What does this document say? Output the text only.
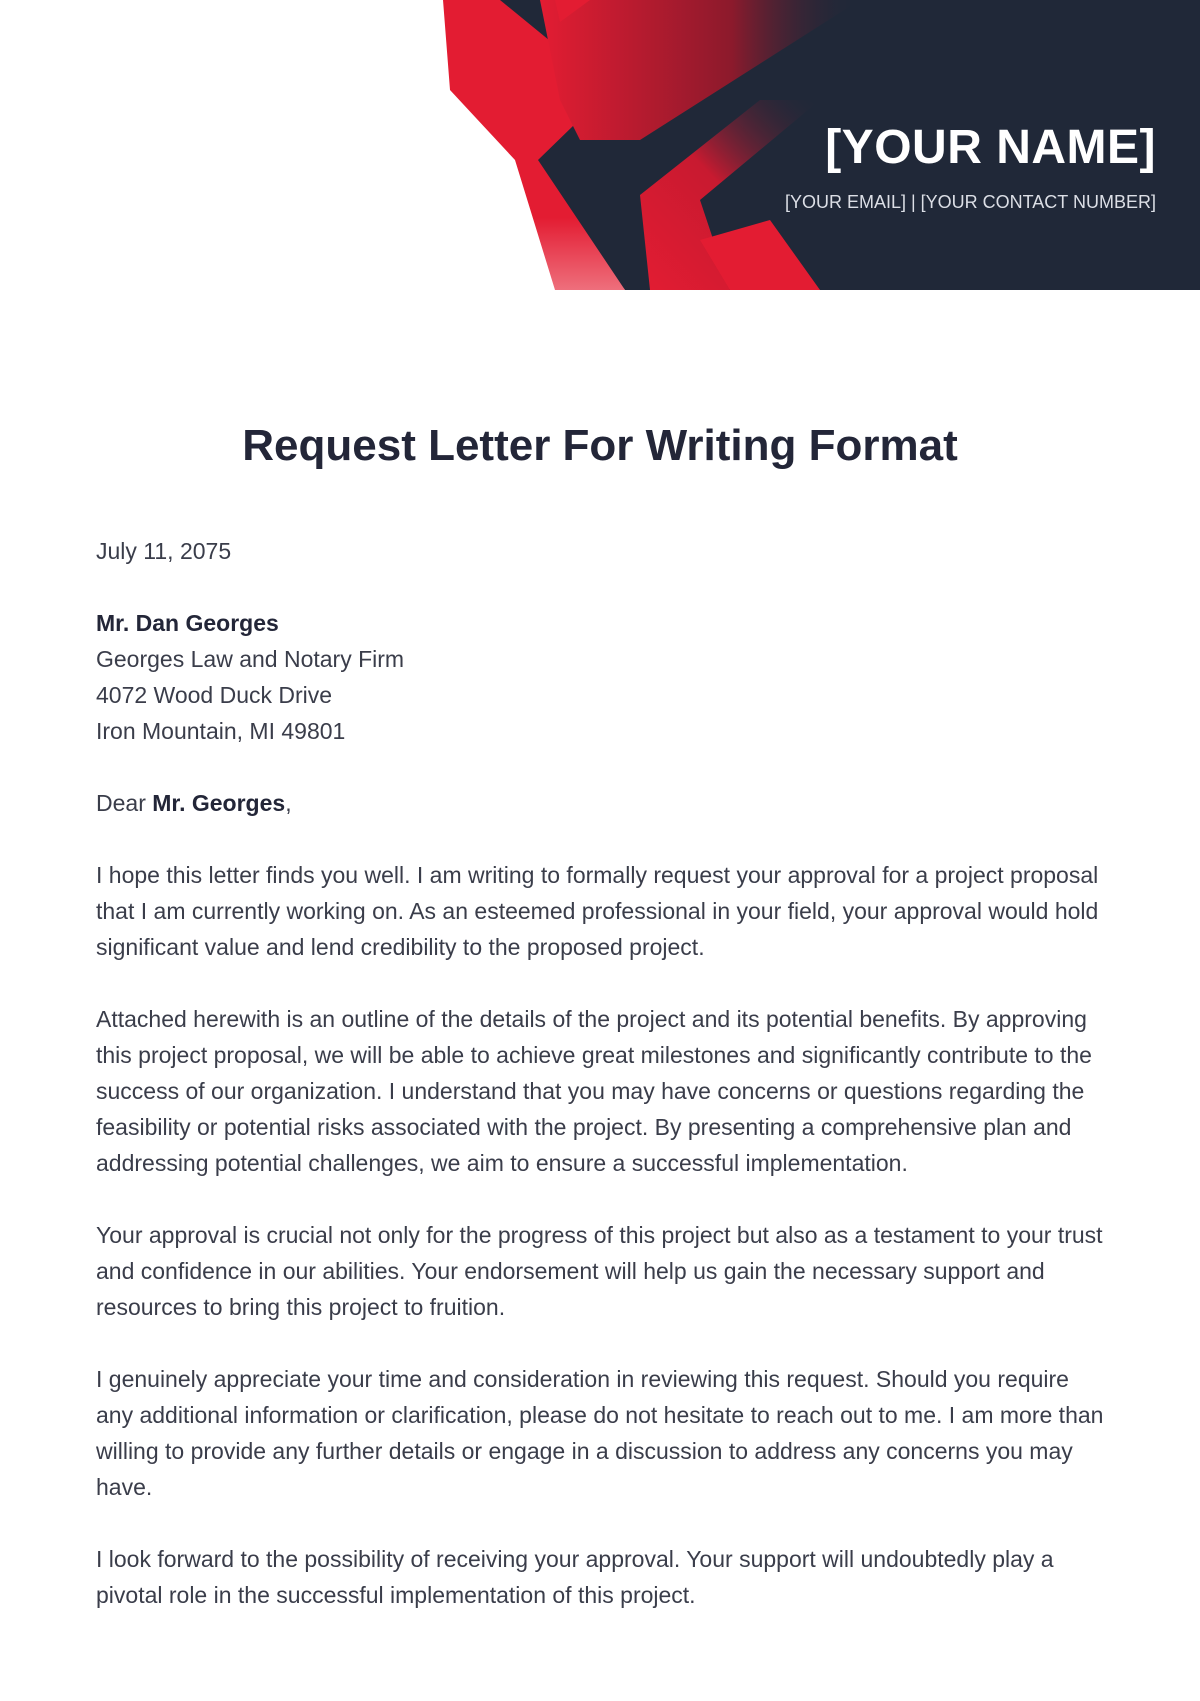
[YOUR NAME]
[YOUR EMAIL] | [YOUR CONTACT NUMBER]
Request Letter For Writing Format

July 11, 2075

Mr. Dan Georges
Georges Law and Notary Firm
4072 Wood Duck Drive
Iron Mountain, MI 49801

Dear Mr. Georges,

I hope this letter finds you well. I am writing to formally request your approval for a project proposal that I am currently working on. As an esteemed professional in your field, your approval would hold significant value and lend credibility to the proposed project.

Attached herewith is an outline of the details of the project and its potential benefits. By approving this project proposal, we will be able to achieve great milestones and significantly contribute to the success of our organization. I understand that you may have concerns or questions regarding the feasibility or potential risks associated with the project. By presenting a comprehensive plan and addressing potential challenges, we aim to ensure a successful implementation.

Your approval is crucial not only for the progress of this project but also as a testament to your trust and confidence in our abilities. Your endorsement will help us gain the necessary support and resources to bring this project to fruition.

I genuinely appreciate your time and consideration in reviewing this request. Should you require any additional information or clarification, please do not hesitate to reach out to me. I am more than willing to provide any further details or engage in a discussion to address any concerns you may have.

I look forward to the possibility of receiving your approval. Your support will undoubtedly play a pivotal role in the successful implementation of this project.
